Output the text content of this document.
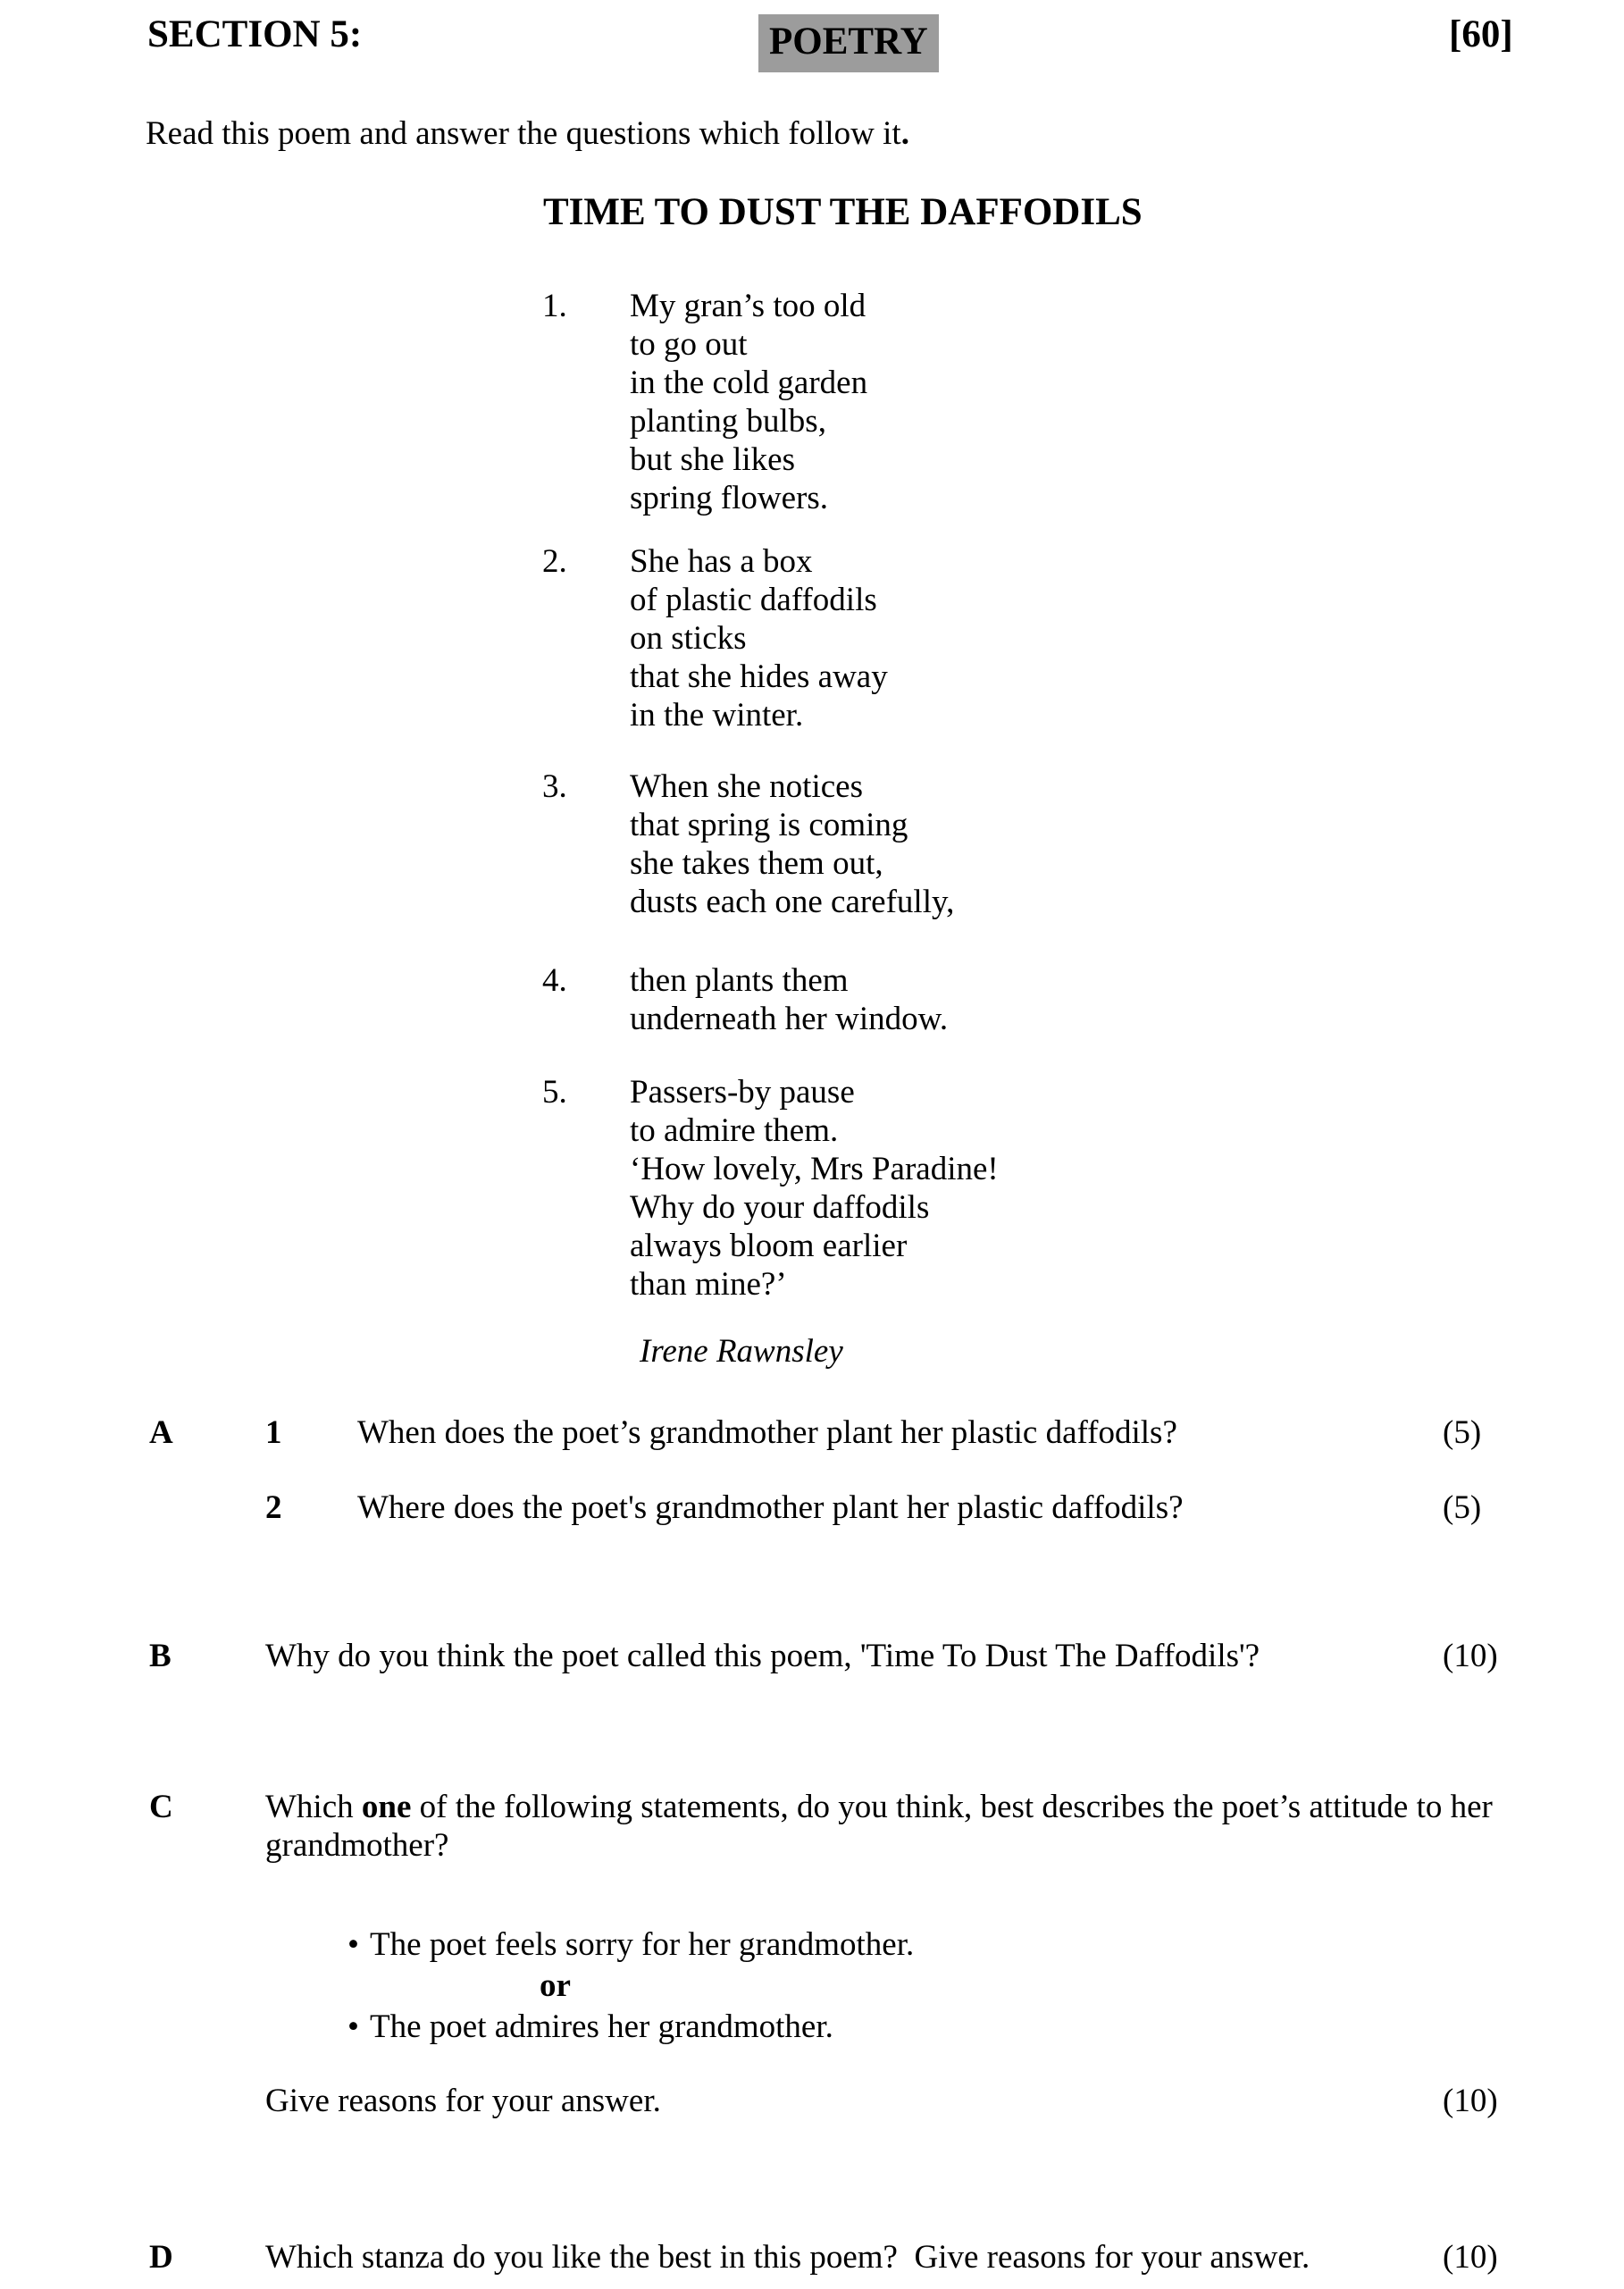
SECTION 5:	POETRY	[60]
Read this poem and answer the questions which follow it.
TIME TO DUST THE DAFFODILS
1.	My gran’s too old
to go out
in the cold garden
planting bulbs,
but she likes
spring flowers.
2.	She has a box
of plastic daffodils
on sticks
that she hides away
in the winter.
3.	When she notices
that spring is coming
she takes them out,
dusts each one carefully,
4.	then plants them
underneath her window.
5.	Passers-by pause
to admire them.
‘How lovely, Mrs Paradine!
Why do your daffodils
always bloom earlier
than mine?’
Irene Rawnsley
A	1 When does the poet’s grandmother plant her plastic daffodils?	(5)
2 Where does the poet's grandmother plant her plastic daffodils?	(5)
B	Why do you think the poet called this poem, 'Time To Dust The Daffodils'?	(10)
C	Which one of the following statements, do you think, best describes the poet’s attitude to her
grandmother?
• The poet feels sorry for her grandmother.
or
• The poet admires her grandmother.
Give reasons for your answer.	(10)
D	Which stanza do you like the best in this poem?  Give reasons for your answer.	(10)
